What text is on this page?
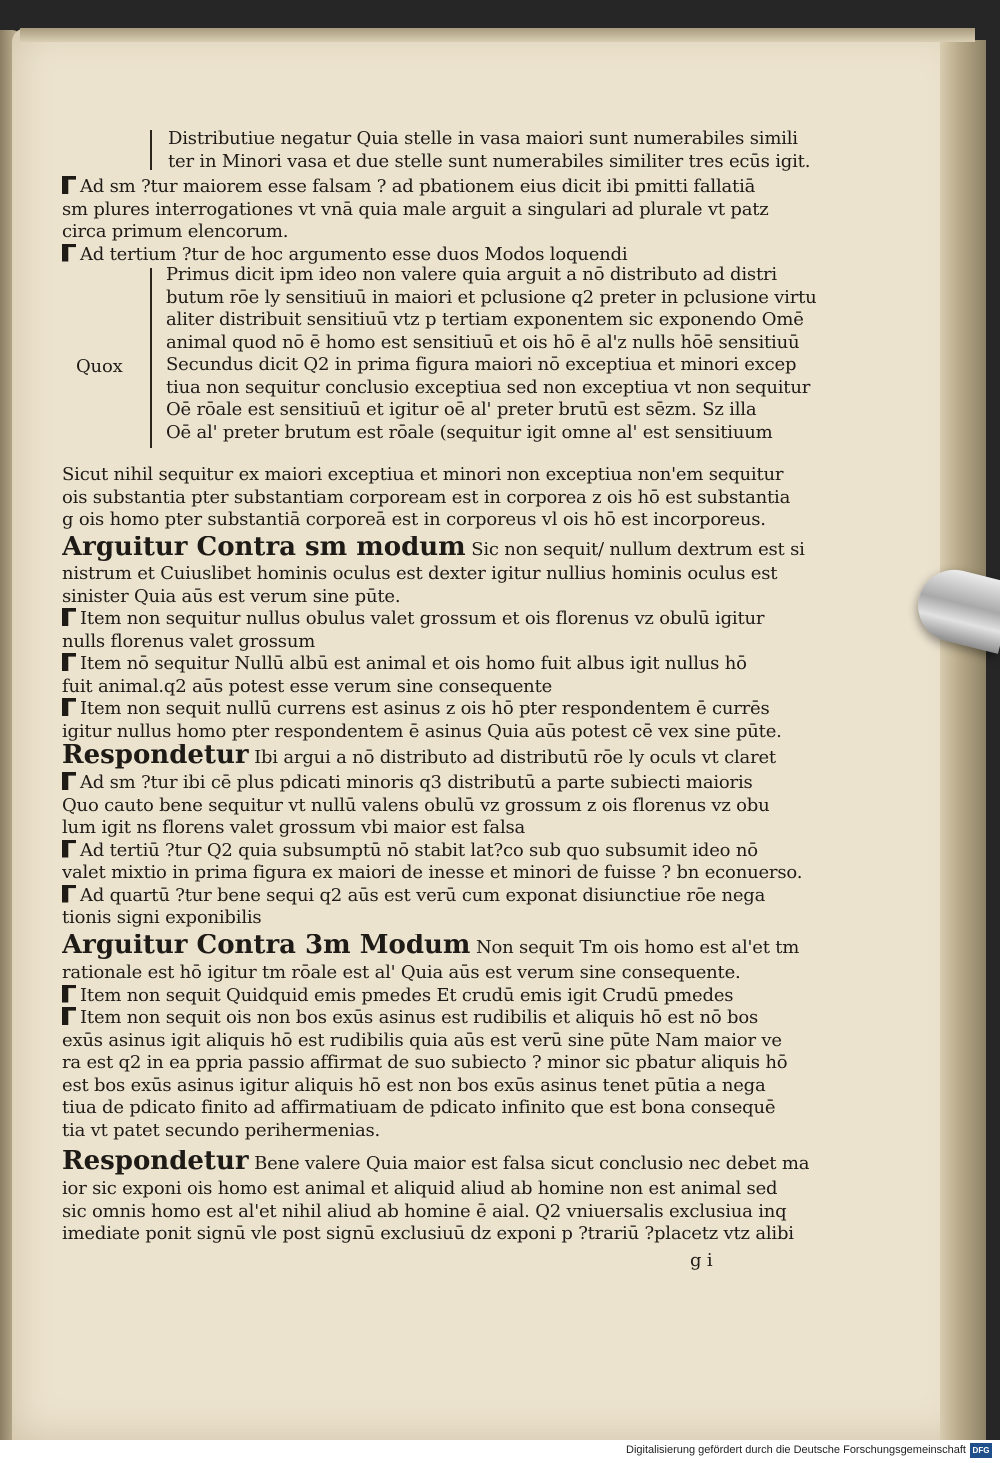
Distributiue negatur Quia stelle in vasa maiori sunt numerabiles simili
ter in Minori vasa et due stelle sunt numerabiles similiter tres ecūs igit.
Ad sm ?tur maiorem esse falsam ? ad pbationem eius dicit ibi pmitti fallatiā
sm plures interrogationes vt vnā quia male arguit a singulari ad plurale vt patz
circa primum elencorum.
Ad tertium ?tur de hoc argumento esse duos Modos loquendi
Quox
Primus dicit ipm ideo non valere quia arguit a nō distributo ad distri
butum rōe ly sensitiuū in maiori et pclusione q2 preter in pclusione virtu
aliter distribuit sensitiuū vtz p tertiam exponentem sic exponendo Omē
animal quod nō ē homo est sensitiuū et ois hō ē al'z nulls hōē sensitiuū
Secundus dicit Q2 in prima figura maiori nō exceptiua et minori excep
tiua non sequitur conclusio exceptiua sed non exceptiua vt non sequitur
Oē rōale est sensitiuū et igitur oē al' preter brutū est sēzm. Sz illa
Oē al' preter brutum est rōale (sequitur igit omne al' est sensitiuum
Sicut nihil sequitur ex maiori exceptiua et minori non exceptiua non'em sequitur
ois substantia pter substantiam corpoream est in corporea z ois hō est substantia
g ois homo pter substantiā corporeā est in corporeus vl ois hō est incorporeus.
Arguitur Contra sm modum Sic non sequit/ nullum dextrum est si
nistrum et Cuiuslibet hominis oculus est dexter igitur nullius hominis oculus est
sinister Quia aūs est verum sine pūte.
Item non sequitur nullus obulus valet grossum et ois florenus vz obulū igitur
nulls florenus valet grossum
Item nō sequitur Nullū albū est animal et ois homo fuit albus igit nullus hō
fuit animal.q2 aūs potest esse verum sine consequente
Item non sequit nullū currens est asinus z ois hō pter respondentem ē currēs
igitur nullus homo pter respondentem ē asinus Quia aūs potest cē vex sine pūte.
Respondetur Ibi argui a nō distributo ad distributū rōe ly oculs vt claret
Ad sm ?tur ibi cē plus pdicati minoris q3 distributū a parte subiecti maioris
Quo cauto bene sequitur vt nullū valens obulū vz grossum z ois florenus vz obu
lum igit ns florens valet grossum vbi maior est falsa
Ad tertiū ?tur Q2 quia subsumptū nō stabit lat?co sub quo subsumit ideo nō
valet mixtio in prima figura ex maiori de inesse et minori de fuisse ? bn econuerso.
Ad quartū ?tur bene sequi q2 aūs est verū cum exponat disiunctiue rōe nega
tionis signi exponibilis
Arguitur Contra 3m Modum Non sequit Tm ois homo est al'et tm
rationale est hō igitur tm rōale est al' Quia aūs est verum sine consequente.
Item non sequit Quidquid emis pmedes Et crudū emis igit Crudū pmedes
Item non sequit ois non bos exūs asinus est rudibilis et aliquis hō est nō bos
exūs asinus igit aliquis hō est rudibilis quia aūs est verū sine pūte Nam maior ve
ra est q2 in ea ppria passio affirmat de suo subiecto ? minor sic pbatur aliquis hō
est bos exūs asinus igitur aliquis hō est non bos exūs asinus tenet pūtia a nega
tiua de pdicato finito ad affirmatiuam de pdicato infinito que est bona consequē
tia vt patet secundo perihermenias.
Respondetur Bene valere Quia maior est falsa sicut conclusio nec debet ma
ior sic exponi ois homo est animal et aliquid aliud ab homine non est animal sed
sic omnis homo est al'et nihil aliud ab homine ē aial. Q2 vniuersalis exclusiua inq
imediate ponit signū vle post signū exclusiuū dz exponi p ?trariū ?placetz vtz alibi
g i
Digitalisierung gefördert durch die Deutsche Forschungsgemeinschaft DFG
